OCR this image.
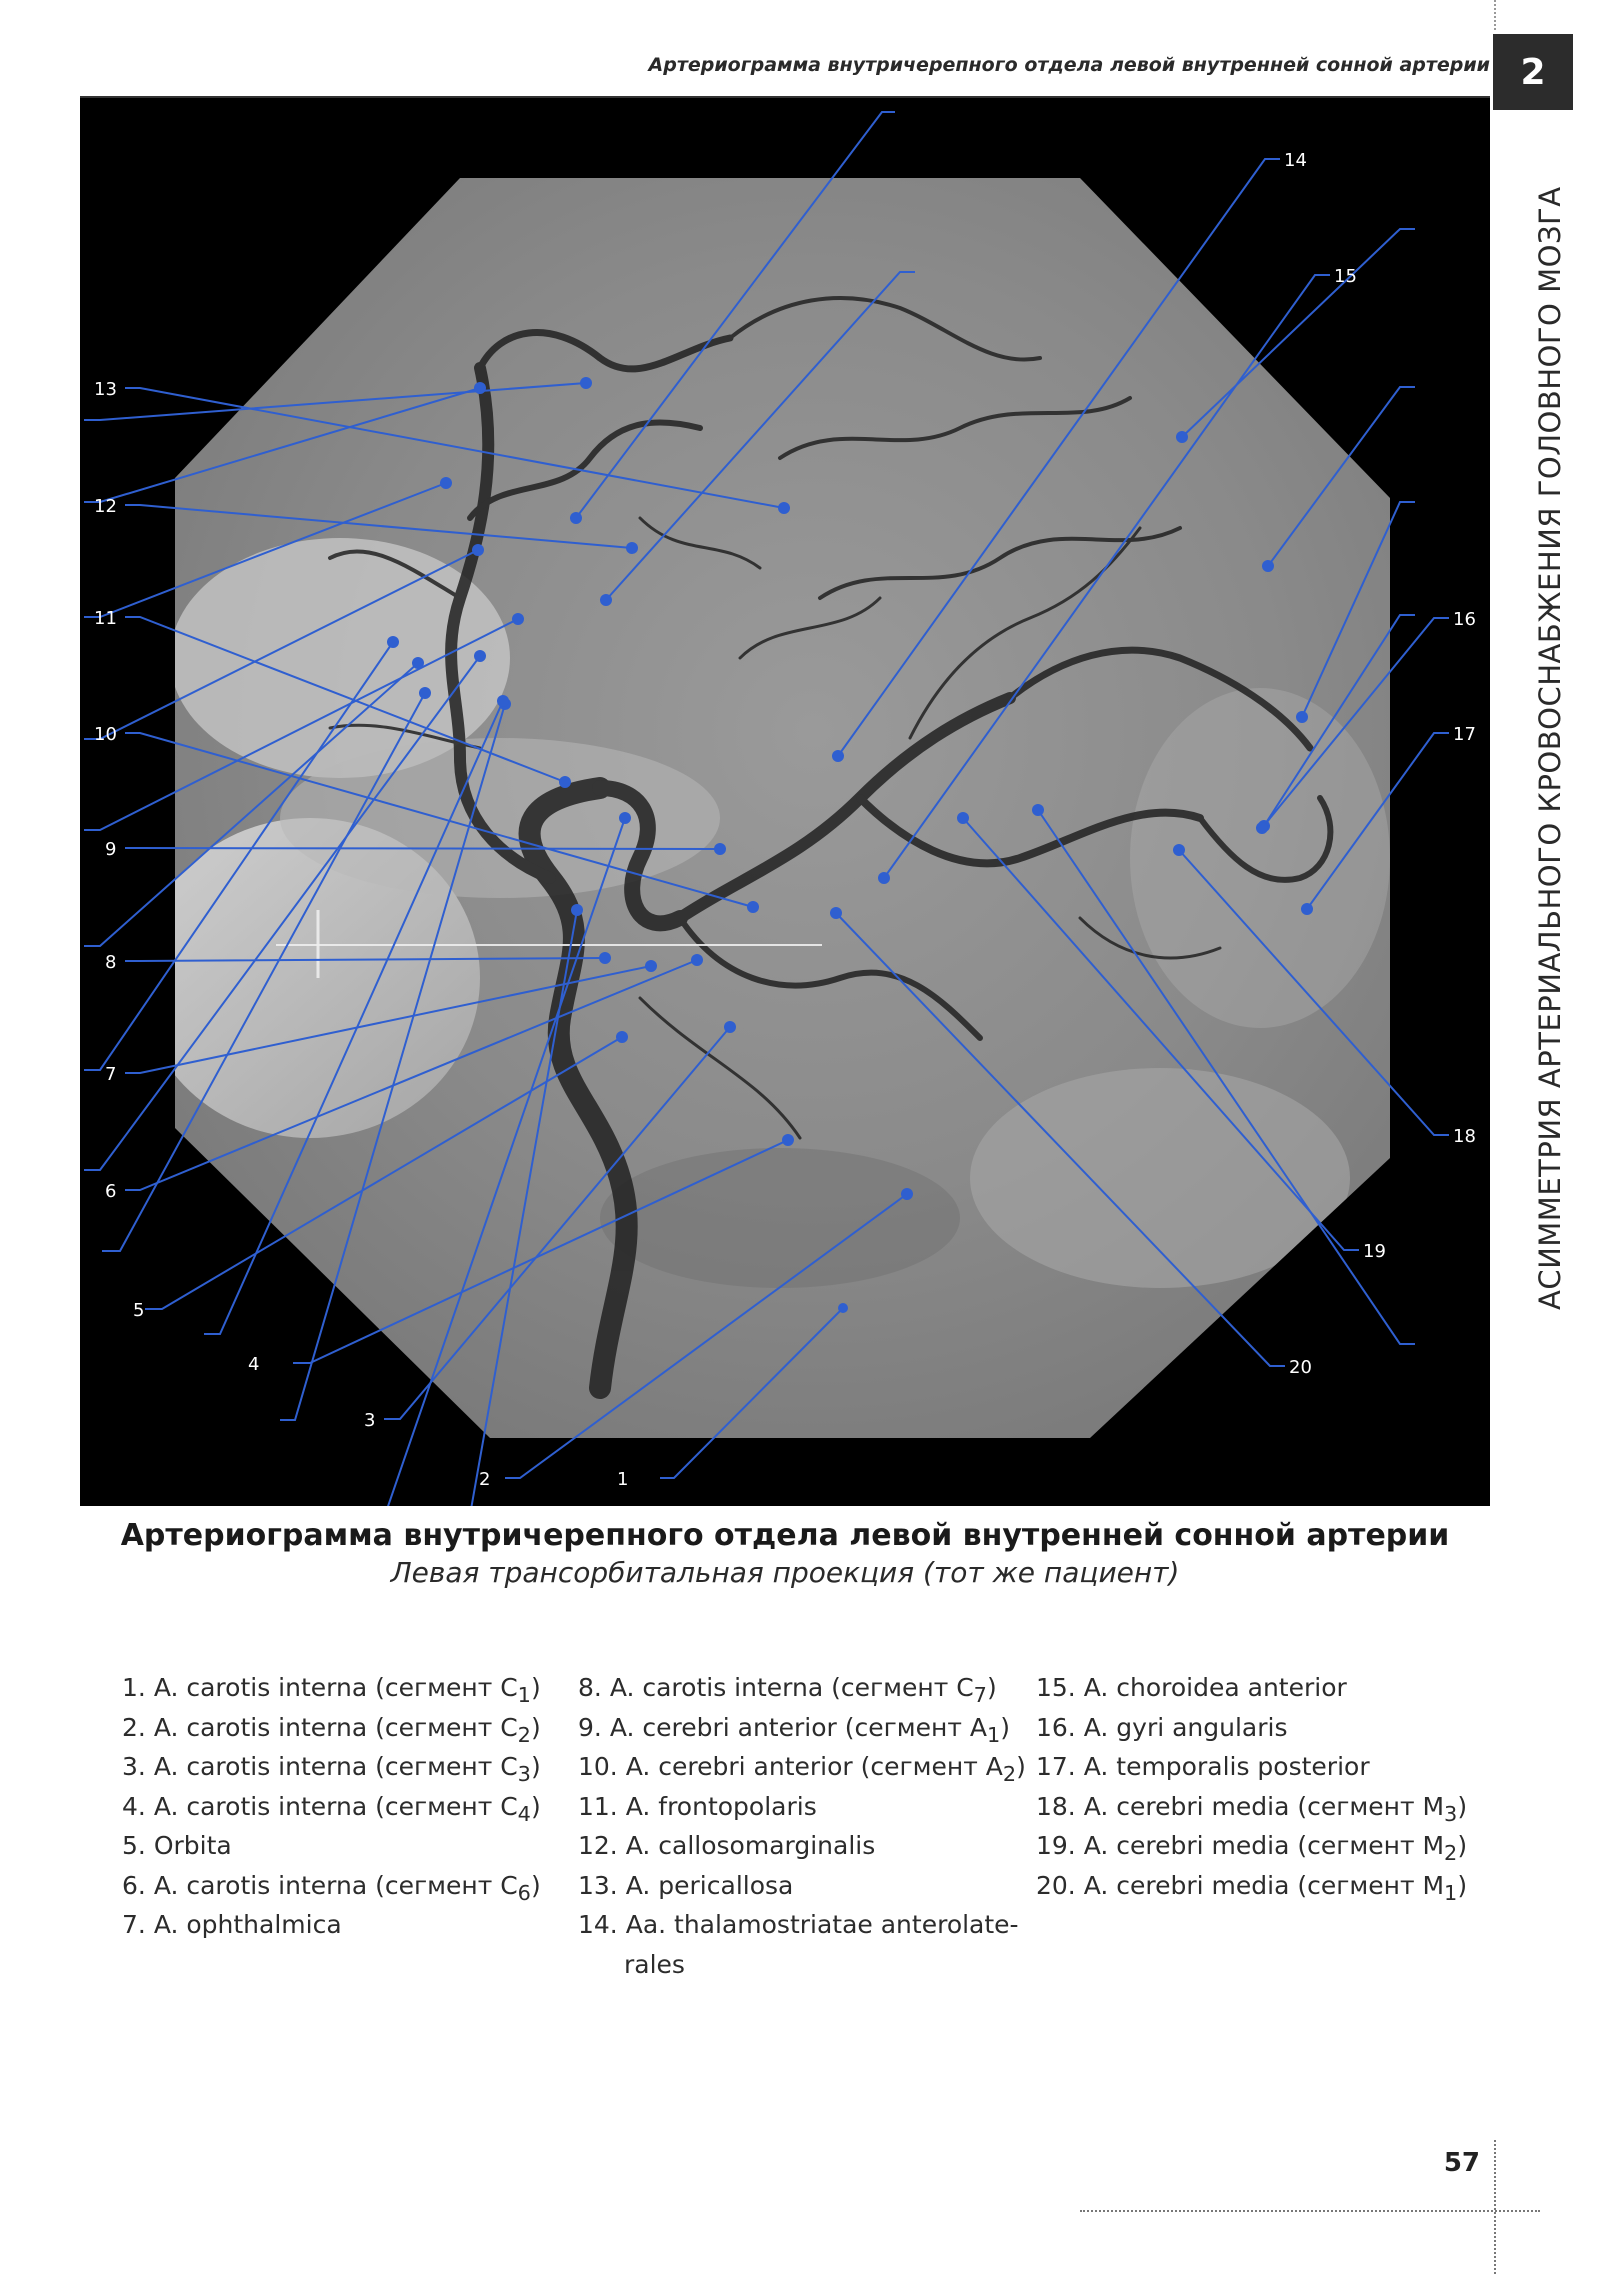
Артериограмма внутричерепного отдела левой внутренней сонной артерии 2
АСИММЕТРИЯ АРТЕРИАЛЬНОГО КРОВОСНАБЖЕНИЯ ГОЛОВНОГО МОЗГА
1
2
3
4
5
6
7
8
9
10
11
12
13
14
15
16
17
18
19
20
Артериограмма внутричерепного отдела левой внутренней сонной артерии
Левая трансорбитальная проекция (тот же пациент)
1. A. carotis interna (сегмент $C_1$)
2. A. carotis interna (сегмент $C_2$)
3. A. carotis interna (сегмент $C_3$)
4. A. carotis interna (сегмент $C_4$)
5. Orbita
6. A. carotis interna (сегмент $C_6$)
7. A. ophthalmica
8. A. carotis interna (сегмент $C_7$)
9. A. cerebri anterior (сегмент $A_1$)
10. A. cerebri anterior (сегмент $A_2$)
11. A. frontopolaris
12. A. callosomarginalis
13. A. pericallosa
14. Aa. thalamostriatae anterolate-
rales
15. A. choroidea anterior
16. A. gyri angularis
17. A. temporalis posterior
18. A. cerebri media (сегмент $M_3$)
19. A. cerebri media (сегмент $M_2$)
20. A. cerebri media (сегмент $M_1$)
57
